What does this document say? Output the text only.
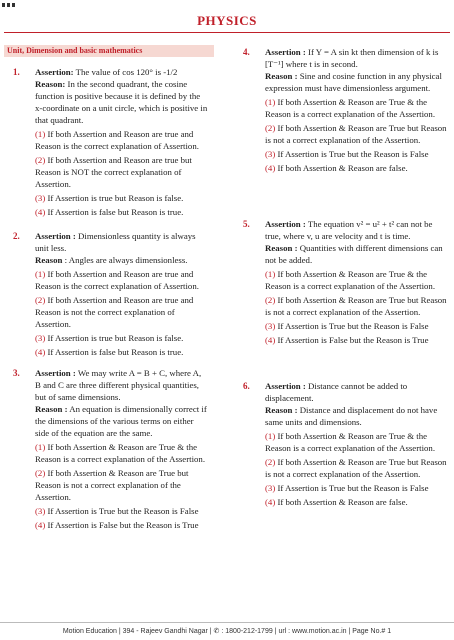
PHYSICS
Unit, Dimension and basic mathematics
1. Assertion: The value of cos 120° is -1/2
Reason: In the second quadrant, the cosine function is positive because it is defined by the x-coordinate on a unit circle, which is positive in that quadrant.
(1) If both Assertion and Reason are true and Reason is the correct explanation of Assertion.
(2) If both Assertion and Reason are true but Reason is NOT the correct explanation of Assertion.
(3) If Assertion is true but Reason is false.
(4) If Assertion is false but Reason is true.
2. Assertion : Dimensionless quantity is always unit less.
Reason : Angles are always dimensionless.
(1) If both Assertion and Reason are true and Reason is the correct explanation of Assertion.
(2) If both Assertion and Reason are true and Reason is not the correct explanation of Assertion.
(3) If Assertion is true but Reason is false.
(4) If Assertion is false but Reason is true.
3. Assertion : We may write A = B + C, where A, B and C are three different physical quantities, but of same dimensions.
Reason : An equation is dimensionally correct if the dimensions of the various terms on either side of the equation are the same.
(1) If both Assertion & Reason are True & the Reason is a correct explanation of the Assertion.
(2) If both Assertion & Reason are True but Reason is not a correct explanation of the Assertion.
(3) If Assertion is True but the Reason is False
(4) If Assertion is False but the Reason is True
4. Assertion : If Y = A sin kt then dimension of k is [T⁻¹] where t is in second.
Reason : Sine and cosine function in any physical expression must have dimensionless argument.
(1) If both Assertion & Reason are True & the Reason is a correct explanation of the Assertion.
(2) If both Assertion & Reason are True but Reason is not a correct explanation of the Assertion.
(3) If Assertion is True but the Reason is False
(4) If both Assertion & Reason are false.
5. Assertion : The equation v² = u² + t² can not be true, where v, u are velocity and t is time.
Reason : Quantities with different dimensions can not be added.
(1) If both Assertion & Reason are True & the Reason is a correct explanation of the Assertion.
(2) If both Assertion & Reason are True but Reason is not a correct explanation of the Assertion.
(3) If Assertion is True but the Reason is False
(4) If Assertion is False but the Reason is True
6. Assertion : Distance cannot be added to displacement.
Reason : Distance and displacement do not have same units and dimensions.
(1) If both Assertion & Reason are True & the Reason is a correct explanation of the Assertion.
(2) If both Assertion & Reason are True but Reason is not a correct explanation of the Assertion.
(3) If Assertion is True but the Reason is False
(4) If both Assertion & Reason are false.
Motion Education | 394 - Rajeev Gandhi Nagar | ✆ : 1800-212-1799 | url : www.motion.ac.in | Page No.# 1
